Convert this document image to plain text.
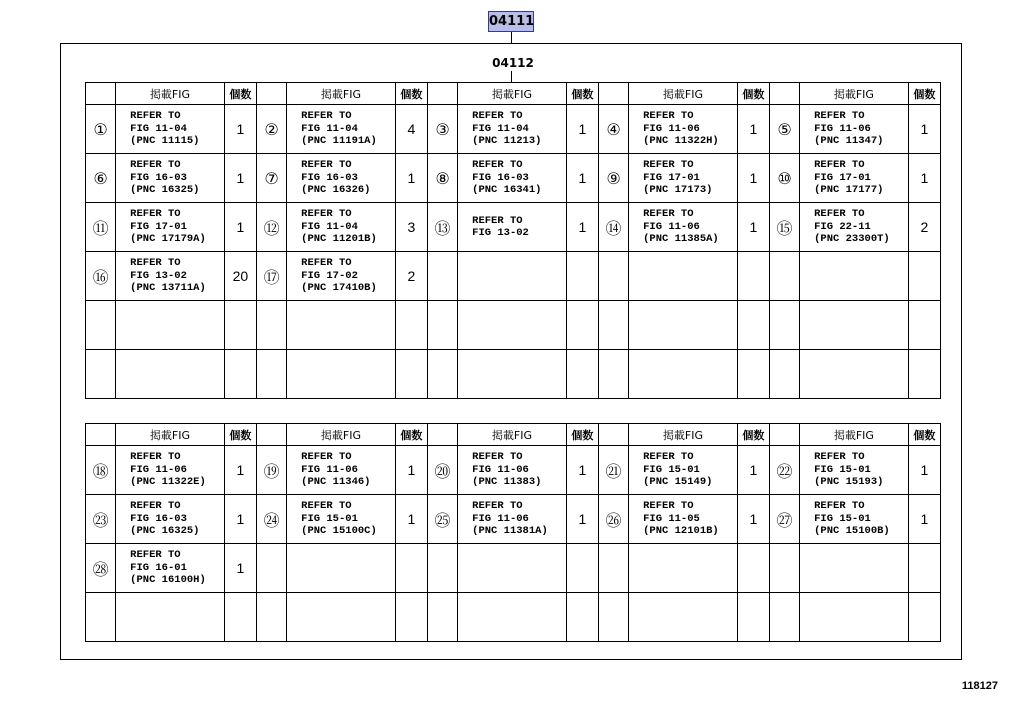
04111
04112
	掲載FIG	個数		掲載FIG	個数		掲載FIG	個数		掲載FIG	個数		掲載FIG	個数
①	REFER TO
FIG 11-04
(PNC 11115)	1	②	REFER TO
FIG 11-04
(PNC 11191A)	4	③	REFER TO
FIG 11-04
(PNC 11213)	1	④	REFER TO
FIG 11-06
(PNC 11322H)	1	⑤	REFER TO
FIG 11-06
(PNC 11347)	1
⑥	REFER TO
FIG 16-03
(PNC 16325)	1	⑦	REFER TO
FIG 16-03
(PNC 16326)	1	⑧	REFER TO
FIG 16-03
(PNC 16341)	1	⑨	REFER TO
FIG 17-01
(PNC 17173)	1	⑩	REFER TO
FIG 17-01
(PNC 17177)	1
⑪	REFER TO
FIG 17-01
(PNC 17179A)	1	⑫	REFER TO
FIG 11-04
(PNC 11201B)	3	⑬	REFER TO
FIG 13-02	1	⑭	REFER TO
FIG 11-06
(PNC 11385A)	1	⑮	REFER TO
FIG 22-11
(PNC 23300T)	2
⑯	REFER TO
FIG 13-02
(PNC 13711A)	20	⑰	REFER TO
FIG 17-02
(PNC 17410B)	2									

	掲載FIG	個数		掲載FIG	個数		掲載FIG	個数		掲載FIG	個数		掲載FIG	個数
⑱	REFER TO
FIG 11-06
(PNC 11322E)	1	⑲	REFER TO
FIG 11-06
(PNC 11346)	1	⑳	REFER TO
FIG 11-06
(PNC 11383)	1	㉑	REFER TO
FIG 15-01
(PNC 15149)	1	㉒	REFER TO
FIG 15-01
(PNC 15193)	1
㉓	REFER TO
FIG 16-03
(PNC 16325)	1	㉔	REFER TO
FIG 15-01
(PNC 15100C)	1	㉕	REFER TO
FIG 11-06
(PNC 11381A)	1	㉖	REFER TO
FIG 11-05
(PNC 12101B)	1	㉗	REFER TO
FIG 15-01
(PNC 15100B)	1
㉘	REFER TO
FIG 16-01
(PNC 16100H)	1												

118127
